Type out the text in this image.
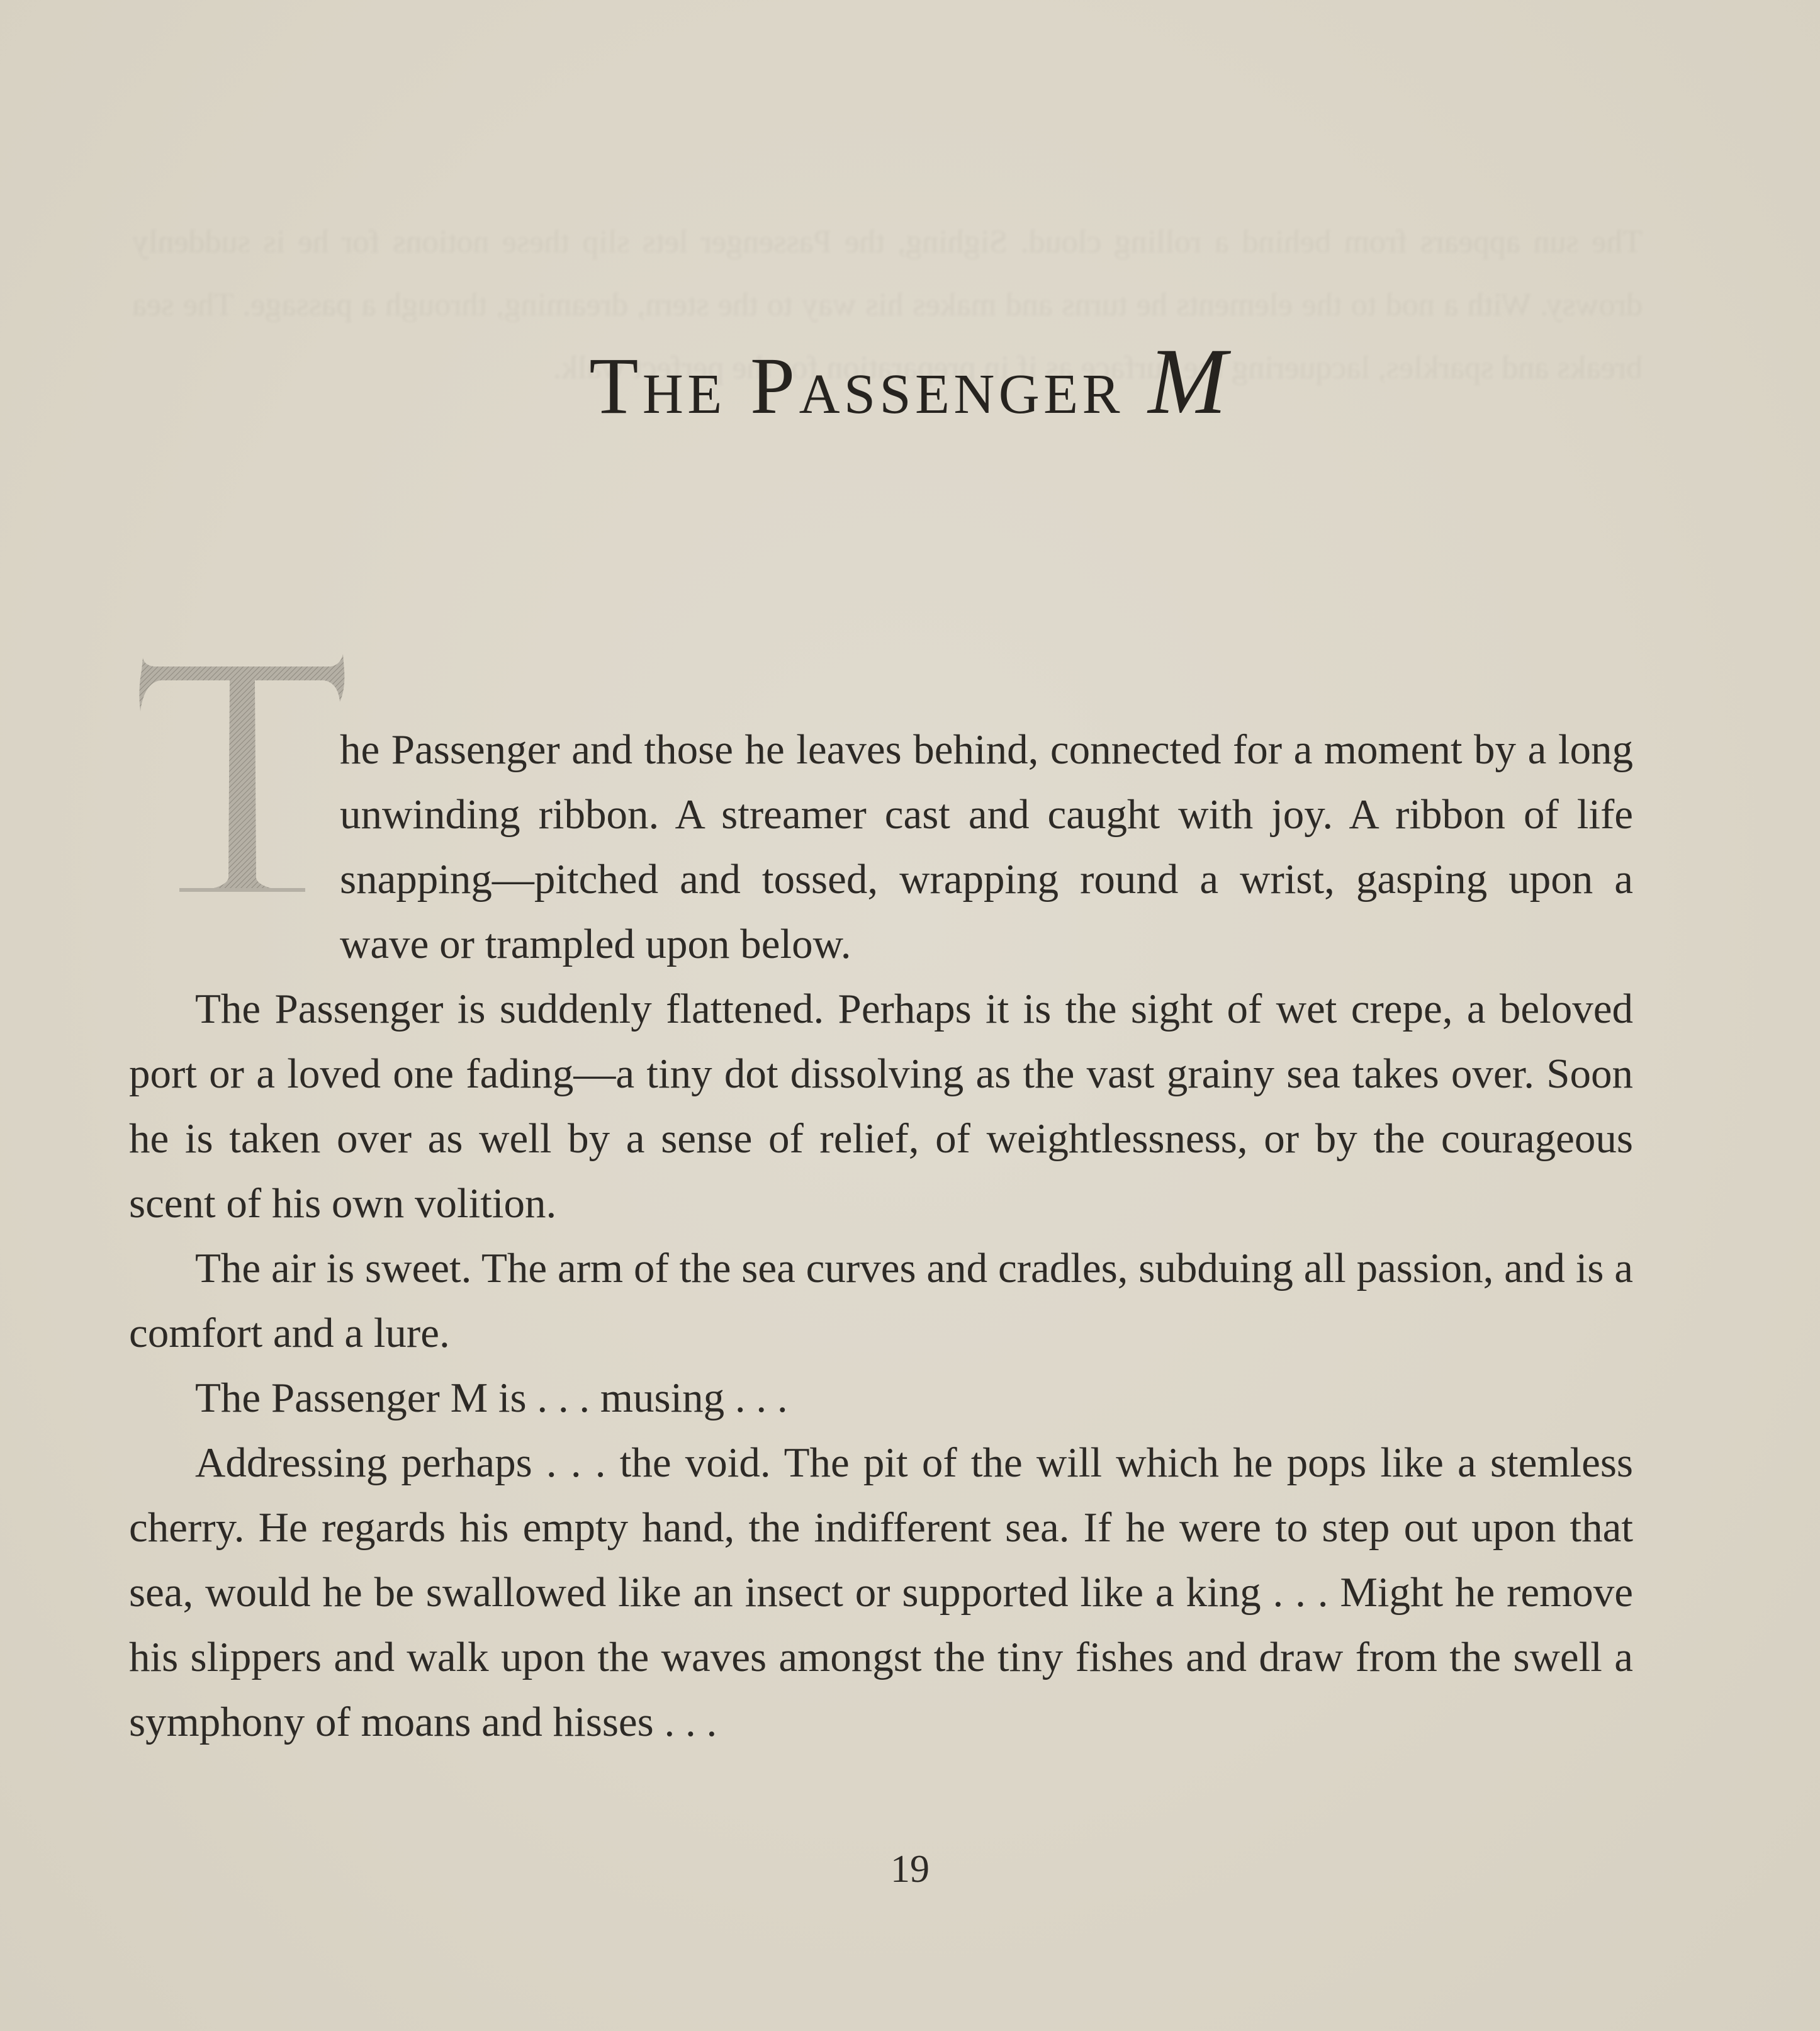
The Passenger M

he Passenger and those he leaves behind, connected for a moment by a long unwinding ribbon. A streamer cast and caught with joy. A ribbon of life snapping—pitched and tossed, wrapping round a wrist, gasping upon a wave or trampled upon below.

The Passenger is suddenly flattened. Perhaps it is the sight of wet crepe, a beloved port or a loved one fading—a tiny dot dissolving as the vast grainy sea takes over. Soon he is taken over as well by a sense of relief, of weightlessness, or by the courageous scent of his own volition.

The air is sweet. The arm of the sea curves and cradles, subduing all passion, and is a comfort and a lure.

The Passenger M is . . . musing . . .

Addressing perhaps . . . the void. The pit of the will which he pops like a stemless cherry. He regards his empty hand, the indifferent sea. If he were to step out upon that sea, would he be swallowed like an insect or supported like a king . . . Might he remove his slippers and walk upon the waves amongst the tiny fishes and draw from the swell a symphony of moans and hisses . . .

19
